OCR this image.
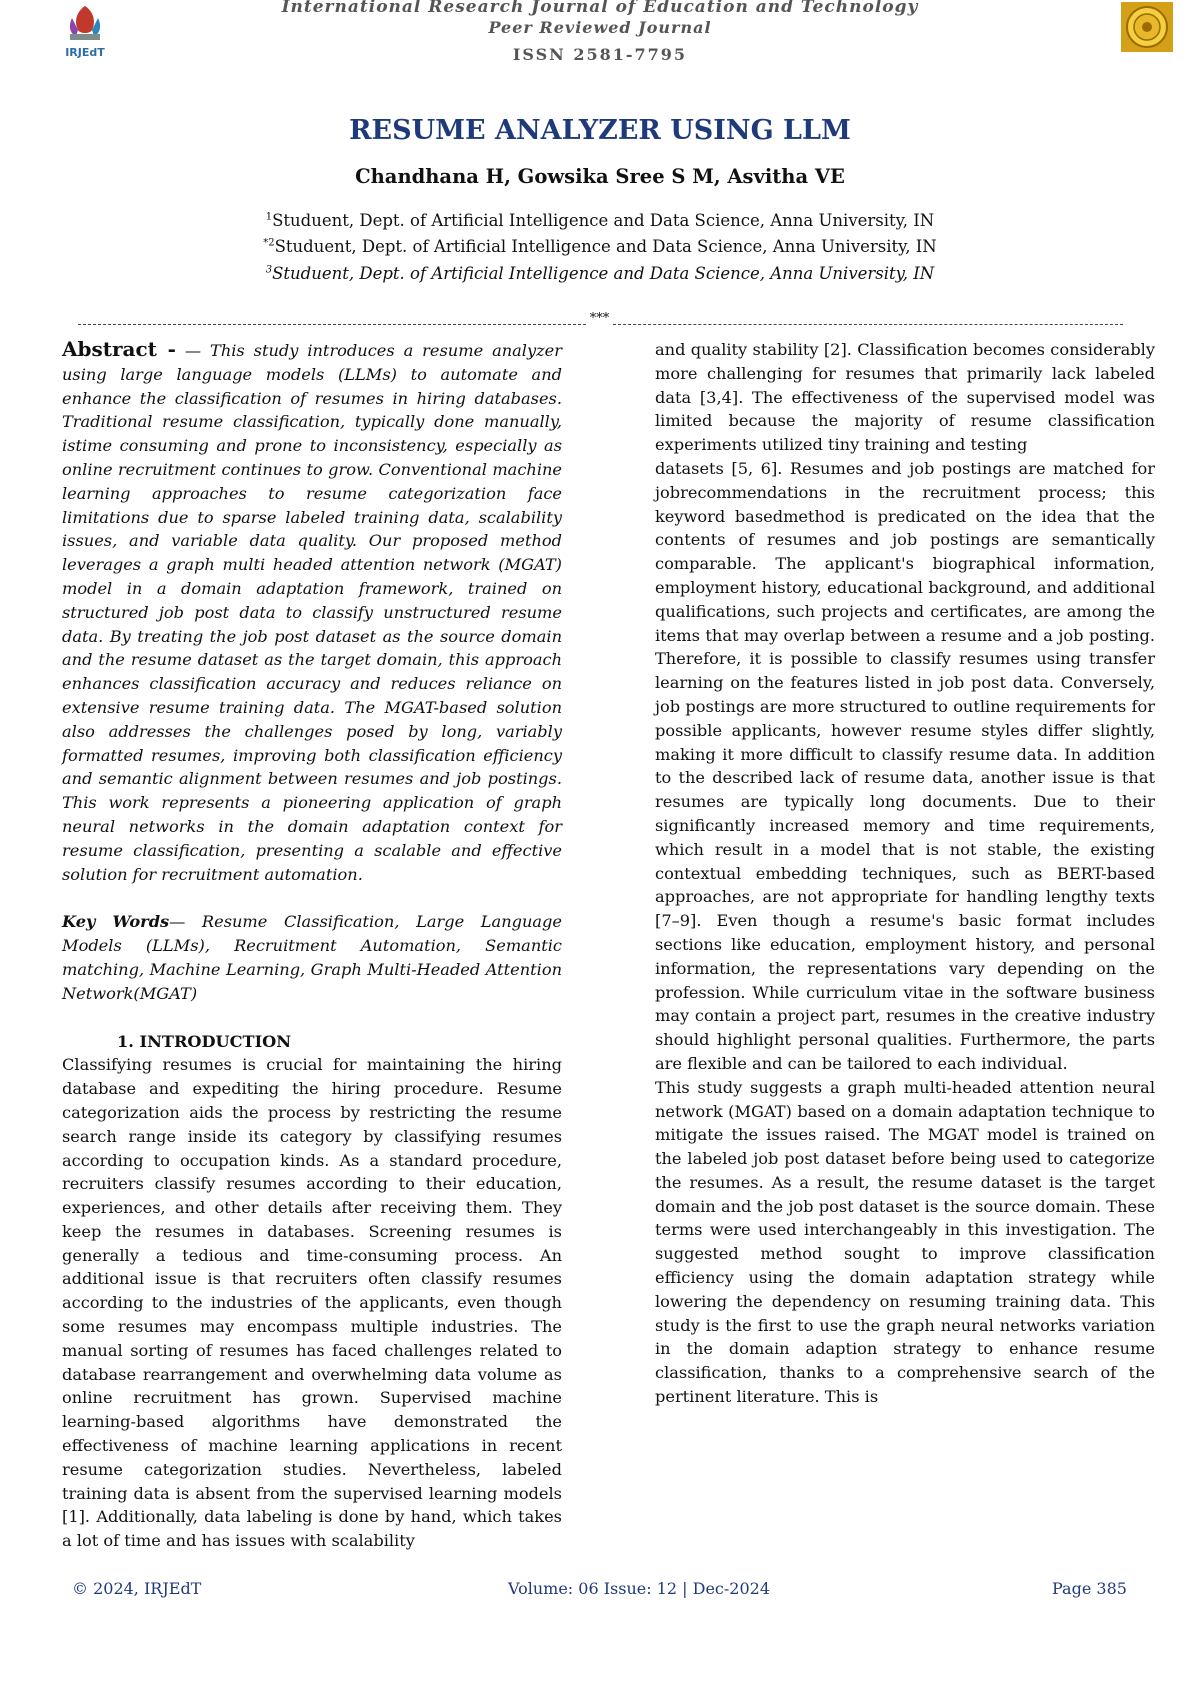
IRJEdT
International Research Journal of Education and Technology
Peer Reviewed Journal
ISSN 2581-7795
RESUME ANALYZER USING LLM
Chandhana H, Gowsika Sree S M, Asvitha VE
$^1$Studuent, Dept. of Artificial Intelligence and Data Science, Anna University, IN
$^{*2}$Studuent, Dept. of Artificial Intelligence and Data Science, Anna University, IN
$^3$Studuent, Dept. of Artificial Intelligence and Data Science, Anna University, IN
***

Abstract - — This study introduces a resume analyzer using large language models (LLMs) to automate and enhance the classification of resumes in hiring databases. Traditional resume classification, typically done manually, istime consuming and prone to inconsistency, especially as online recruitment continues to grow. Conventional machine learning approaches to resume categorization face limitations due to sparse labeled training data, scalability issues, and variable data quality. Our proposed method leverages a graph multi headed attention network (MGAT) model in a domain adaptation framework, trained on structured job post data to classify unstructured resume data. By treating the job post dataset as the source domain and the resume dataset as the target domain, this approach enhances classification accuracy and reduces reliance on extensive resume training data. The MGAT-based solution also addresses the challenges posed by long, variably formatted resumes, improving both classification efficiency and semantic alignment between resumes and job postings. This work represents a pioneering application of graph neural networks in the domain adaptation context for resume classification, presenting a scalable and effective solution for recruitment automation.

Key Words— Resume Classification, Large Language Models (LLMs), Recruitment Automation, Semantic matching, Machine Learning, Graph Multi-Headed Attention Network(MGAT)

1. INTRODUCTION

Classifying resumes is crucial for maintaining the hiring database and expediting the hiring procedure. Resume categorization aids the process by restricting the resume search range inside its category by classifying resumes according to occupation kinds. As a standard procedure, recruiters classify resumes according to their education, experiences, and other details after receiving them. They keep the resumes in databases. Screening resumes is generally a tedious and time-consuming process. An additional issue is that recruiters often classify resumes according to the industries of the applicants, even though some resumes may encompass multiple industries. The manual sorting of resumes has faced challenges related to database rearrangement and overwhelming data volume as online recruitment has grown. Supervised machine learning-based algorithms have demonstrated the effectiveness of machine learning applications in recent resume categorization studies. Nevertheless, labeled training data is absent from the supervised learning models [1]. Additionally, data labeling is done by hand, which takes a lot of time and has issues with scalability

and quality stability [2]. Classification becomes considerably more challenging for resumes that primarily lack labeled data [3,4]. The effectiveness of the supervised model was limited because the majority of resume classification experiments utilized tiny training and testing

datasets [5, 6]. Resumes and job postings are matched for jobrecommendations in the recruitment process; this keyword basedmethod is predicated on the idea that the contents of resumes and job postings are semantically comparable. The applicant's biographical information, employment history, educational background, and additional qualifications, such projects and certificates, are among the items that may overlap between a resume and a job posting. Therefore, it is possible to classify resumes using transfer learning on the features listed in job post data. Conversely, job postings are more structured to outline requirements for possible applicants, however resume styles differ slightly, making it more difficult to classify resume data. In addition to the described lack of resume data, another issue is that resumes are typically long documents. Due to their significantly increased memory and time requirements, which result in a model that is not stable, the existing contextual embedding techniques, such as BERT-based approaches, are not appropriate for handling lengthy texts [7–9]. Even though a resume's basic format includes sections like education, employment history, and personal information, the representations vary depending on the profession. While curriculum vitae in the software business may contain a project part, resumes in the creative industry should highlight personal qualities. Furthermore, the parts are flexible and can be tailored to each individual.

This study suggests a graph multi-headed attention neural network (MGAT) based on a domain adaptation technique to mitigate the issues raised. The MGAT model is trained on the labeled job post dataset before being used to categorize the resumes. As a result, the resume dataset is the target domain and the job post dataset is the source domain. These terms were used interchangeably in this investigation. The suggested method sought to improve classification efficiency using the domain adaptation strategy while lowering the dependency on resuming training data. This study is the first to use the graph neural networks variation in the domain adaption strategy to enhance resume classification, thanks to a comprehensive search of the pertinent literature. This is

© 2024, IRJEdT	Volume: 06 Issue: 12 | Dec-2024	Page 385
